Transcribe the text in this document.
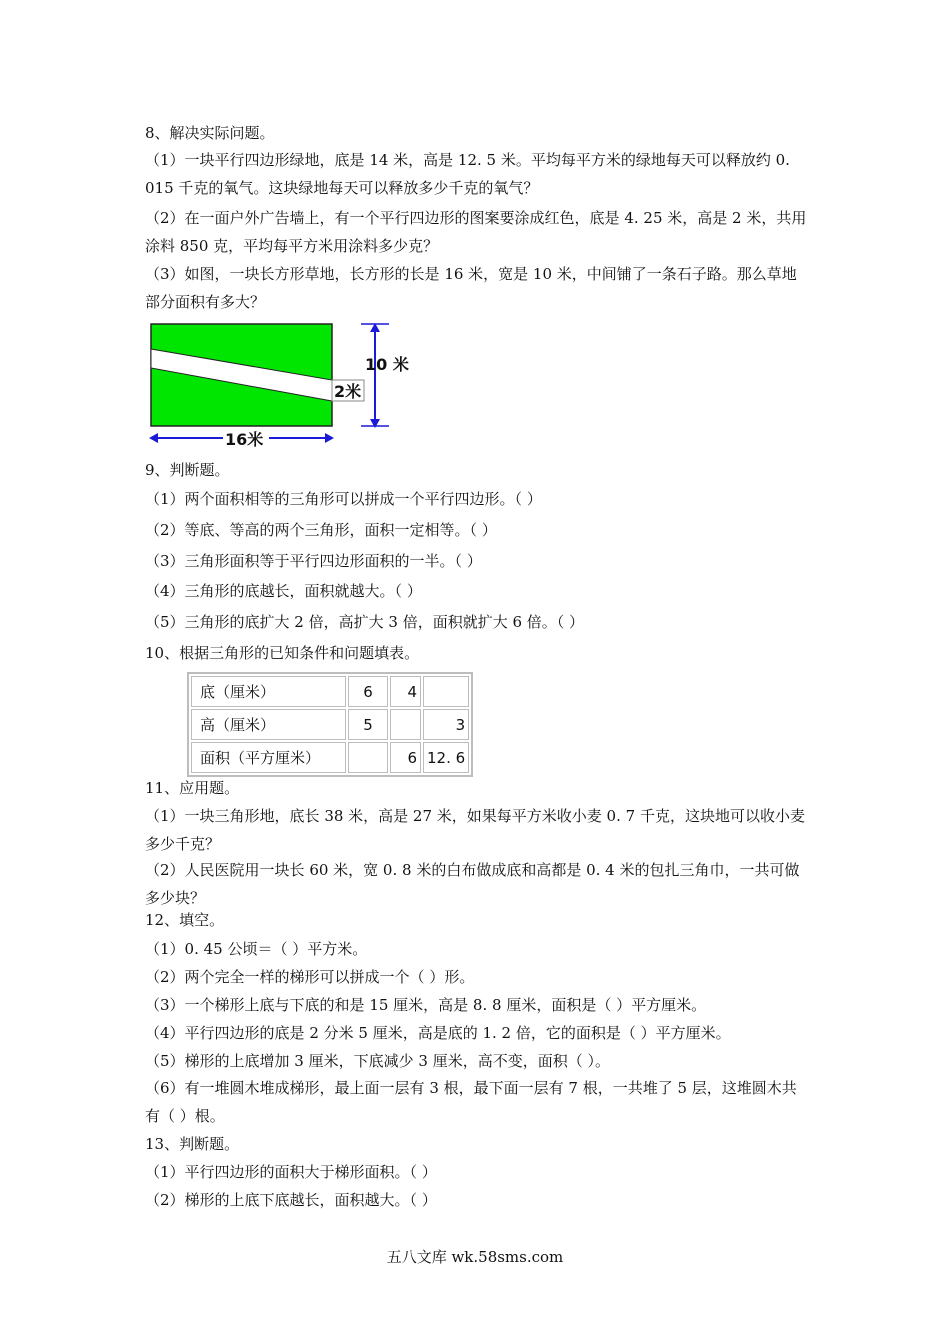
8、解决实际问题。
（1）一块平行四边形绿地，底是 14 米，高是 12. 5 米。平均每平方米的绿地每天可以释放约 0. 015 千克的氧气。这块绿地每天可以释放多少千克的氧气？
（2）在一面户外广告墙上，有一个平行四边形的图案要涂成红色，底是 4. 25 米，高是 2 米，共用涂料 850 克，平均每平方米用涂料多少克？
（3）如图，一块长方形草地，长方形的长是 16 米，宽是 10 米，中间铺了一条石子路。那么草地部分面积有多大？
10 米
2米
16米
9、判断题。
（1）两个面积相等的三角形可以拼成一个平行四边形。（ ）
（2）等底、等高的两个三角形，面积一定相等。（ ）
（3）三角形面积等于平行四边形面积的一半。（ ）
（4）三角形的底越长，面积就越大。（ ）
（5）三角形的底扩大 2 倍，高扩大 3 倍，面积就扩大 6 倍。（ ）
10、根据三角形的已知条件和问题填表。
底（厘米）	6	4	
高（厘米）	5		3
面积（平方厘米）		6	12. 6
11、应用题。
（1）一块三角形地，底长 38 米，高是 27 米，如果每平方米收小麦 0. 7 千克，这块地可以收小麦多少千克？
（2）人民医院用一块长 60 米，宽 0. 8 米的白布做成底和高都是 0. 4 米的包扎三角巾，一共可做多少块？
12、填空。
（1）0. 45 公顷＝（ ）平方米。
（2）两个完全一样的梯形可以拼成一个（ ）形。
（3）一个梯形上底与下底的和是 15 厘米，高是 8. 8 厘米，面积是（ ）平方厘米。
（4）平行四边形的底是 2 分米 5 厘米，高是底的 1. 2 倍，它的面积是（ ）平方厘米。
（5）梯形的上底增加 3 厘米，下底减少 3 厘米，高不变，面积（ ）。
（6）有一堆圆木堆成梯形，最上面一层有 3 根，最下面一层有 7 根，一共堆了 5 层，这堆圆木共有（ ）根。
13、判断题。
（1）平行四边形的面积大于梯形面积。（ ）
（2）梯形的上底下底越长，面积越大。（ ）
五八文库 wk.58sms.com
